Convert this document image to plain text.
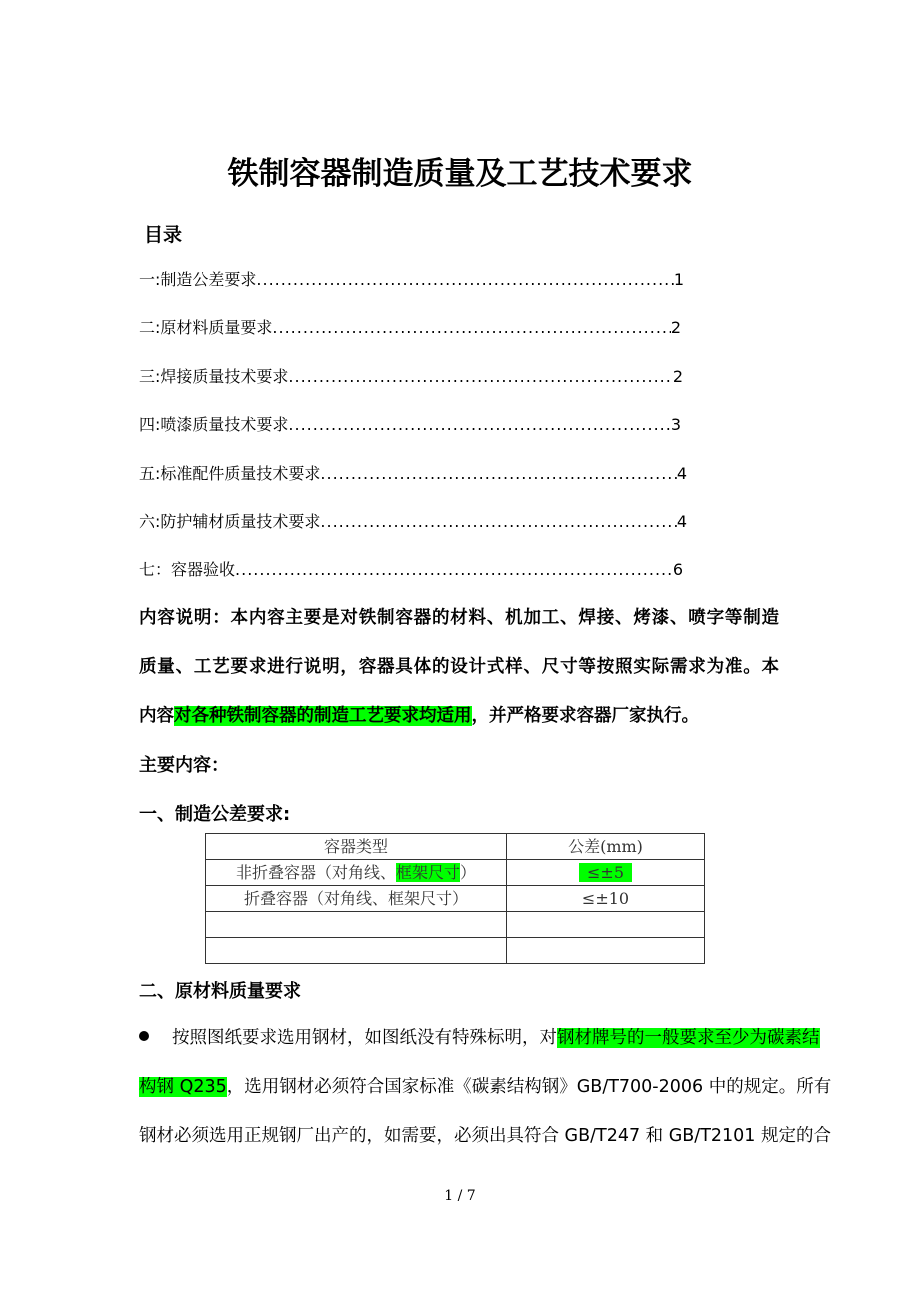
铁制容器制造质量及工艺技术要求
目录
一:制造公差要求 .....	1
二:原材料质量要求 .....	2
三:焊接质量技术要求 .....	2
四:喷漆质量技术要求 .....	3
五:标准配件质量技术要求 .....	4
六:防护辅材质量技术要求 .....	4
七：容器验收 .....	6
内容说明：本内容主要是对铁制容器的材料、机加工、焊接、烤漆、喷字等制造
质量、工艺要求进行说明，容器具体的设计式样、尺寸等按照实际需求为准。本
内容对各种铁制容器的制造工艺要求均适用，并严格要求容器厂家执行。
主要内容：
一、制造公差要求:
容器类型	公差(mm)
非折叠容器（对角线、框架尺寸）	≤±5
折叠容器（对角线、框架尺寸）	≤±10

二、原材料质量要求
按照图纸要求选用钢材，如图纸没有特殊标明，对钢材牌号的一般要求至少为碳素结
构钢 Q235，选用钢材必须符合国家标准《碳素结构钢》GB/T700-2006 中的规定。所有
钢材必须选用正规钢厂出产的，如需要，必须出具符合 GB/T247 和 GB/T2101 规定的合
1 / 7
